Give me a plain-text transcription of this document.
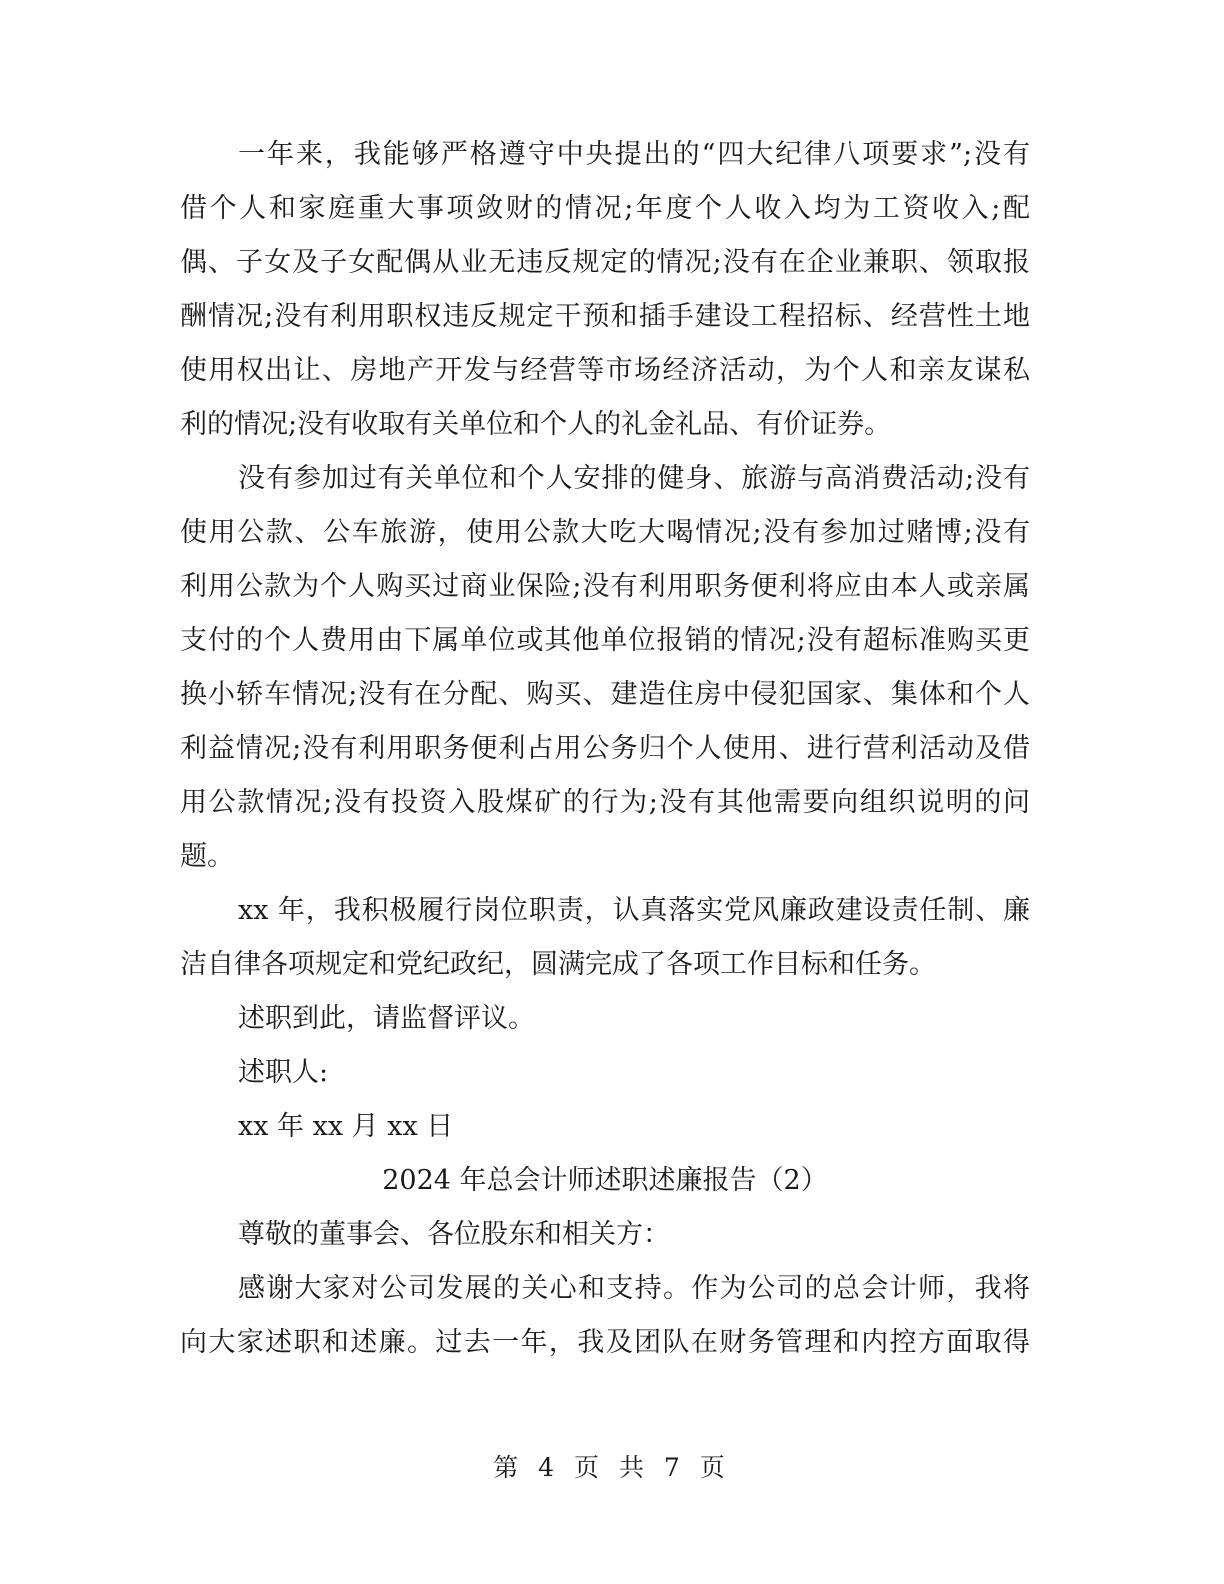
一年来，我能够严格遵守中央提出的“四大纪律八项要求”;没有
借个人和家庭重大事项敛财的情况;年度个人收入均为工资收入;配
偶、子女及子女配偶从业无违反规定的情况;没有在企业兼职、领取报
酬情况;没有利用职权违反规定干预和插手建设工程招标、经营性土地
使用权出让、房地产开发与经营等市场经济活动，为个人和亲友谋私
利的情况;没有收取有关单位和个人的礼金礼品、有价证券。
没有参加过有关单位和个人安排的健身、旅游与高消费活动;没有
使用公款、公车旅游，使用公款大吃大喝情况;没有参加过赌博;没有
利用公款为个人购买过商业保险;没有利用职务便利将应由本人或亲属
支付的个人费用由下属单位或其他单位报销的情况;没有超标准购买更
换小轿车情况;没有在分配、购买、建造住房中侵犯国家、集体和个人
利益情况;没有利用职务便利占用公务归个人使用、进行营利活动及借
用公款情况;没有投资入股煤矿的行为;没有其他需要向组织说明的问
题。
xx 年，我积极履行岗位职责，认真落实党风廉政建设责任制、廉
洁自律各项规定和党纪政纪，圆满完成了各项工作目标和任务。
述职到此，请监督评议。
述职人:
xx 年 xx 月 xx 日
2024 年总会计师述职述廉报告（2）
尊敬的董事会、各位股东和相关方：
感谢大家对公司发展的关心和支持。作为公司的总会计师，我将
向大家述职和述廉。过去一年，我及团队在财务管理和内控方面取得
第 4 页 共 7 页
